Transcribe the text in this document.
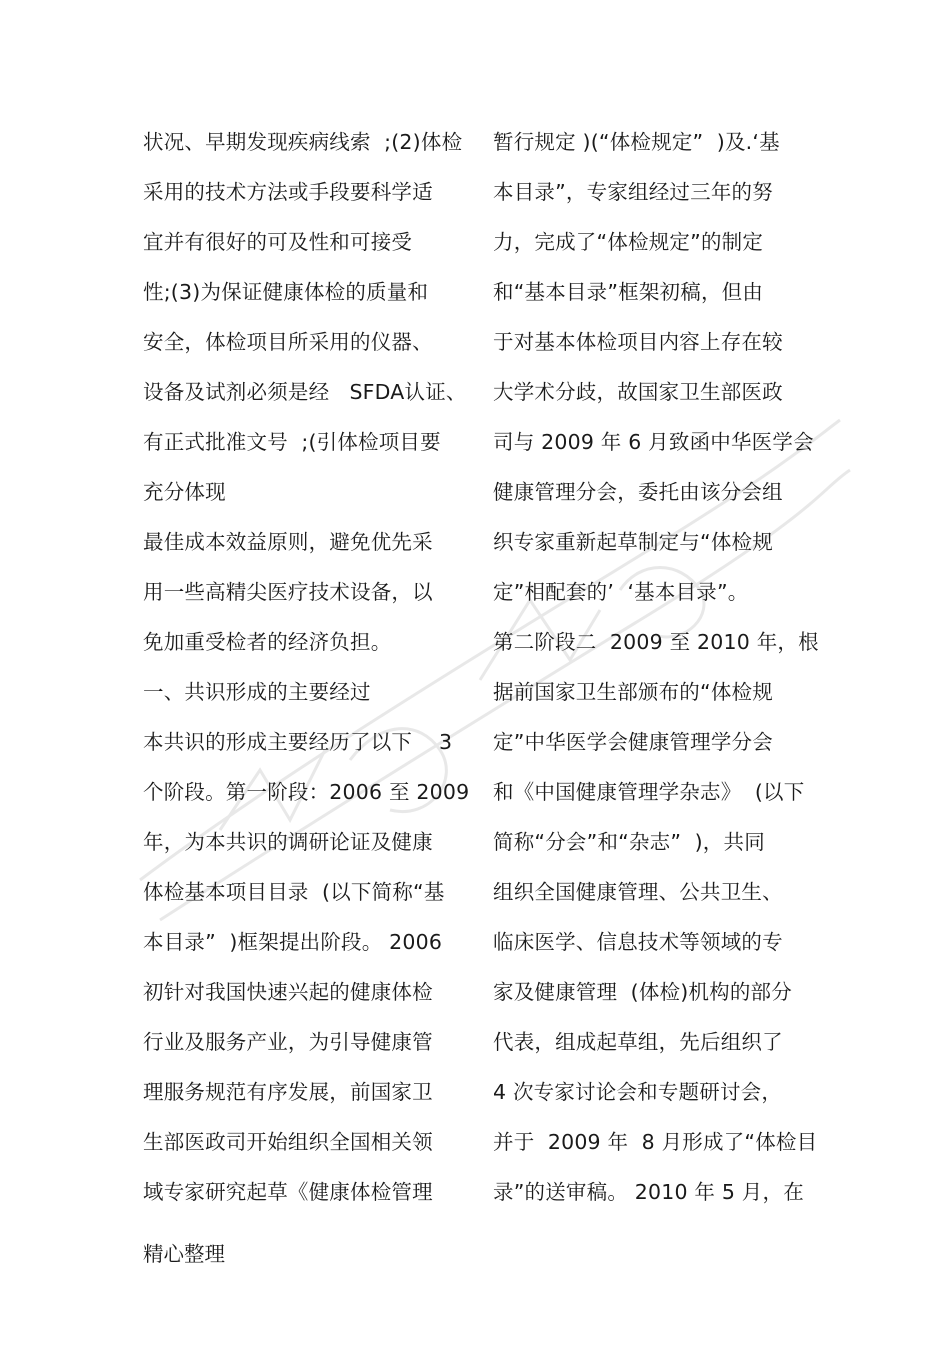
状况、早期发现疾病线索  ;(2)体检
采用的技术方法或手段要科学适
宜并有很好的可及性和可接受
性;(3)为保证健康体检的质量和
安全，体检项目所采用的仪器、
设备及试剂必须是经   SFDA认证、
有正式批准文号  ;(引体检项目要
充分体现
最佳成本效益原则，避免优先采
用一些高精尖医疗技术设备，以
免加重受检者的经济负担。
一、共识形成的主要经过
本共识的形成主要经历了以下    3
个阶段。第一阶段：2006 至 2009
年，为本共识的调研论证及健康
体检基本项目目录  (以下简称“基
本目录”  )框架提出阶段。 2006
初针对我国快速兴起的健康体检
行业及服务产业，为引导健康管
理服务规范有序发展，前国家卫
生部医政司开始组织全国相关领
域专家研究起草《健康体检管理
暂行规定 )(“体检规定”  )及.‘基
本目录”，专家组经过三年的努
力，完成了“体检规定”的制定
和“基本目录”框架初稿，但由
于对基本体检项目内容上存在较
大学术分歧，故国家卫生部医政
司与 2009 年 6 月致函中华医学会
健康管理分会，委托由该分会组
织专家重新起草制定与“体检规
定”相配套的’  ‘基本目录”。
第二阶段二  2009 至 2010 年，根
据前国家卫生部颁布的“体检规
定”中华医学会健康管理学分会
和《中国健康管理学杂志》  (以下
简称“分会”和“杂志”  )，共同
组织全国健康管理、公共卫生、
临床医学、信息技术等领域的专
家及健康管理  (体检)机构的部分
代表，组成起草组，先后组织了
4 次专家讨论会和专题研讨会，
并于  2009 年  8 月形成了“体检目
录”的送审稿。 2010 年 5 月，在
精心整理
